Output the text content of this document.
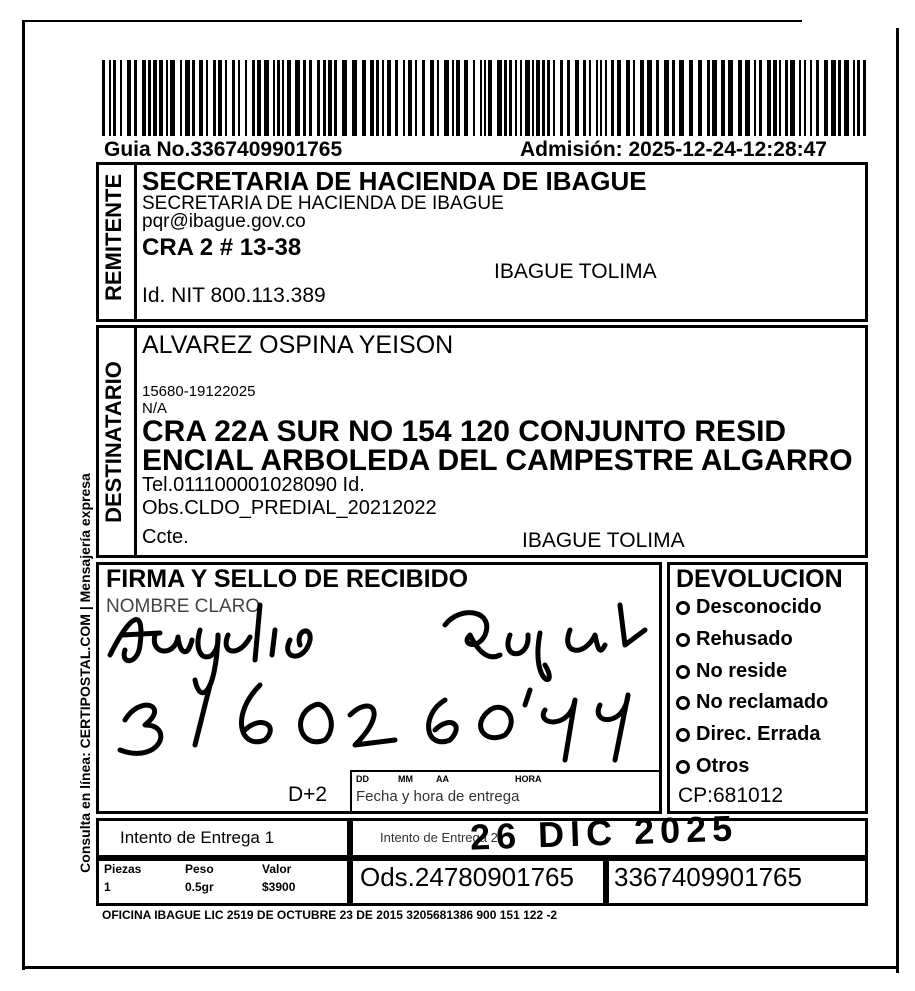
Guia No.3367409901765	Admisión: 2025-12-24-12:28:47
REMITENTE SECRETARIA DE HACIENDA DE IBAGUE
SECRETARIA DE HACIENDA DE IBAGUE
pqr@ibague.gov.co
CRA 2 # 13-38
IBAGUE TOLIMA
Id. NIT 800.113.389
DESTINATARIO
ALVAREZ OSPINA YEISON
15680-19122025
N/A
CRA 22A SUR NO 154 120 CONJUNTO RESID
ENCIAL ARBOLEDA DEL CAMPESTRE ALGARRO
Tel.011100001028090 Id.
Obs.CLDO_PREDIAL_20212022
Ccte.	IBAGUE TOLIMA
FIRMA Y SELLO DE RECIBIDO
NOMBRE CLARO
D+2
DD	MM	AA	HORA
Fecha y hora de entrega
DEVOLUCION
Desconocido
Rehusado
No reside
No reclamado
Direc. Errada
Otros
CP:681012
Intento de Entrega 1	Intento de Entrega 2
26 DIC 2025
Piezas	Peso	Valor
1	0.5gr	$3900 Ods.24780901765 3367409901765
OFICINA IBAGUE LIC 2519 DE OCTUBRE 23 DE 2015 3205681386 900 151 122 -2
Consulta en línea: CERTIPOSTAL.COM | Mensajería expresa
